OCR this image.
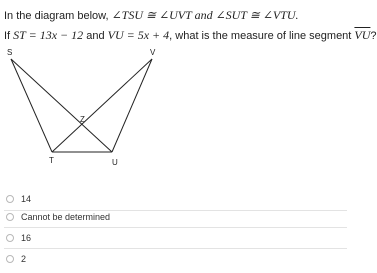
In the diagram below, ∠TSU ≅ ∠UVT and ∠SUT ≅ ∠VTU.
If ST = 13x − 12 and VU = 5x + 4, what is the measure of line segment $\overline{VU}$?
S	V
Z
T	U
14
Cannot be determined
16
2
